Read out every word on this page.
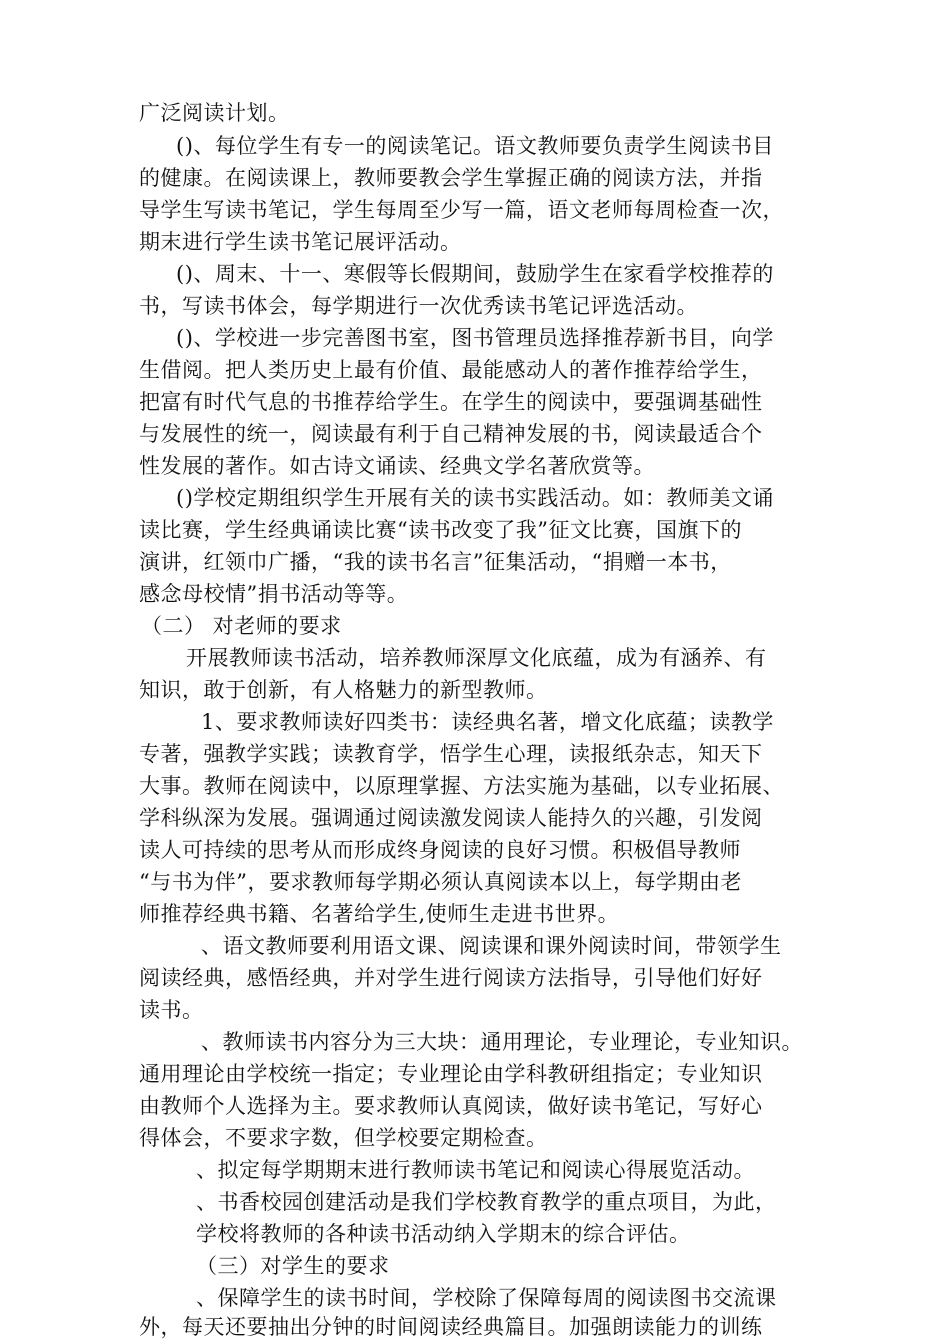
广泛阅读计划。
()、每位学生有专一的阅读笔记。语文教师要负责学生阅读书目
的健康。在阅读课上，教师要教会学生掌握正确的阅读方法，并指
导学生写读书笔记，学生每周至少写一篇，语文老师每周检查一次，
期末进行学生读书笔记展评活动。
()、周末、十一、寒假等长假期间，鼓励学生在家看学校推荐的
书，写读书体会，每学期进行一次优秀读书笔记评选活动。
()、学校进一步完善图书室，图书管理员选择推荐新书目，向学
生借阅。把人类历史上最有价值、最能感动人的著作推荐给学生，
把富有时代气息的书推荐给学生。在学生的阅读中，要强调基础性
与发展性的统一，阅读最有利于自己精神发展的书，阅读最适合个
性发展的著作。如古诗文诵读、经典文学名著欣赏等。
()学校定期组织学生开展有关的读书实践活动。如：教师美文诵
读比赛，学生经典诵读比赛“读书改变了我”征文比赛，国旗下的
演讲，红领巾广播，“我的读书名言”征集活动，“捐赠一本书，
感念母校情”捐书活动等等。
（二） 对老师的要求
开展教师读书活动，培养教师深厚文化底蕴，成为有涵养、有
知识，敢于创新，有人格魅力的新型教师。
1、要求教师读好四类书：读经典名著，增文化底蕴；读教学
专著，强教学实践；读教育学，悟学生心理，读报纸杂志，知天下
大事。教师在阅读中，以原理掌握、方法实施为基础，以专业拓展、
学科纵深为发展。强调通过阅读激发阅读人能持久的兴趣，引发阅
读人可持续的思考从而形成终身阅读的良好习惯。积极倡导教师
“与书为伴”，要求教师每学期必须认真阅读本以上，每学期由老
师推荐经典书籍、名著给学生,使师生走进书世界。
、语文教师要利用语文课、阅读课和课外阅读时间，带领学生
阅读经典，感悟经典，并对学生进行阅读方法指导，引导他们好好
读书。
、教师读书内容分为三大块：通用理论，专业理论，专业知识。
通用理论由学校统一指定；专业理论由学科教研组指定；专业知识
由教师个人选择为主。要求教师认真阅读，做好读书笔记，写好心
得体会，不要求字数，但学校要定期检查。
、拟定每学期期末进行教师读书笔记和阅读心得展览活动。
、书香校园创建活动是我们学校教育教学的重点项目，为此，
学校将教师的各种读书活动纳入学期末的综合评估。
（三）对学生的要求
、保障学生的读书时间，学校除了保障每周的阅读图书交流课
外，每天还要抽出分钟的时间阅读经典篇目。加强朗读能力的训练
